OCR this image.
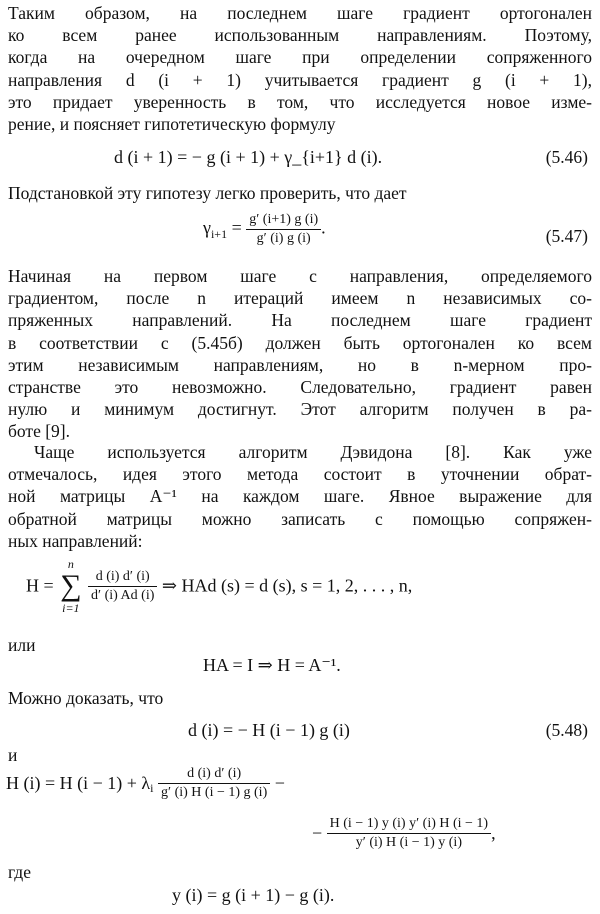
Таким образом, на последнем шаге градиент ортогонален
ко всем ранее использованным направлениям. Поэтому,
когда на очередном шаге при определении сопряженного
направления d (i + 1) учитывается градиент g (i + 1),
это придает уверенность в том, что исследуется новое изме-
рение, и поясняет гипотетическую формулу
d (i + 1) = − g (i + 1) + γ_{i+1} d (i).	(5.46)
Подстановкой эту гипотезу легко проверить, что дает
$\gamma_{i+1} = \frac{g' (i+1) g (i)}{g' (i) g (i)}$ .	(5.47)
Начиная на первом шаге с направления, определяемого
градиентом, после n итераций имеем n независимых со-
пряженных направлений. На последнем шаге градиент
в соответствии с (5.45б) должен быть ортогонален ко всем
этим независимым направлениям, но в n-мерном про-
странстве это невозможно. Следовательно, градиент равен
нулю и минимум достигнут. Этот алгоритм получен в ра-
боте [9].
Чаще используется алгоритм Дэвидона [8]. Как уже
отмечалось, идея этого метода состоит в уточнении обрат-
ной матрицы A⁻¹ на каждом шаге. Явное выражение для
обратной матрицы можно записать с помощью сопряжен-
ных направлений:
H =
n
∑
i=1

$\frac{d (i) d' (i)}{d' (i) Ad (i)}$ ⇒ HAd (s) = d (s), s = 1, 2, . . . , n,
или
HA = I ⇒ H = A⁻¹.
Можно доказать, что
d (i) = − H (i − 1) g (i)	(5.48)
и
H (i) = H $(i - 1) + \lambda_i \frac{d (i) d' (i)}{g' (i) H (i - 1) g (i)}$ −
− $\frac{H (i - 1) y (i) y' (i) H (i - 1)}{y' (i) H (i - 1) y (i)}$ ,
где
y (i) = g (i + 1) − g (i).
